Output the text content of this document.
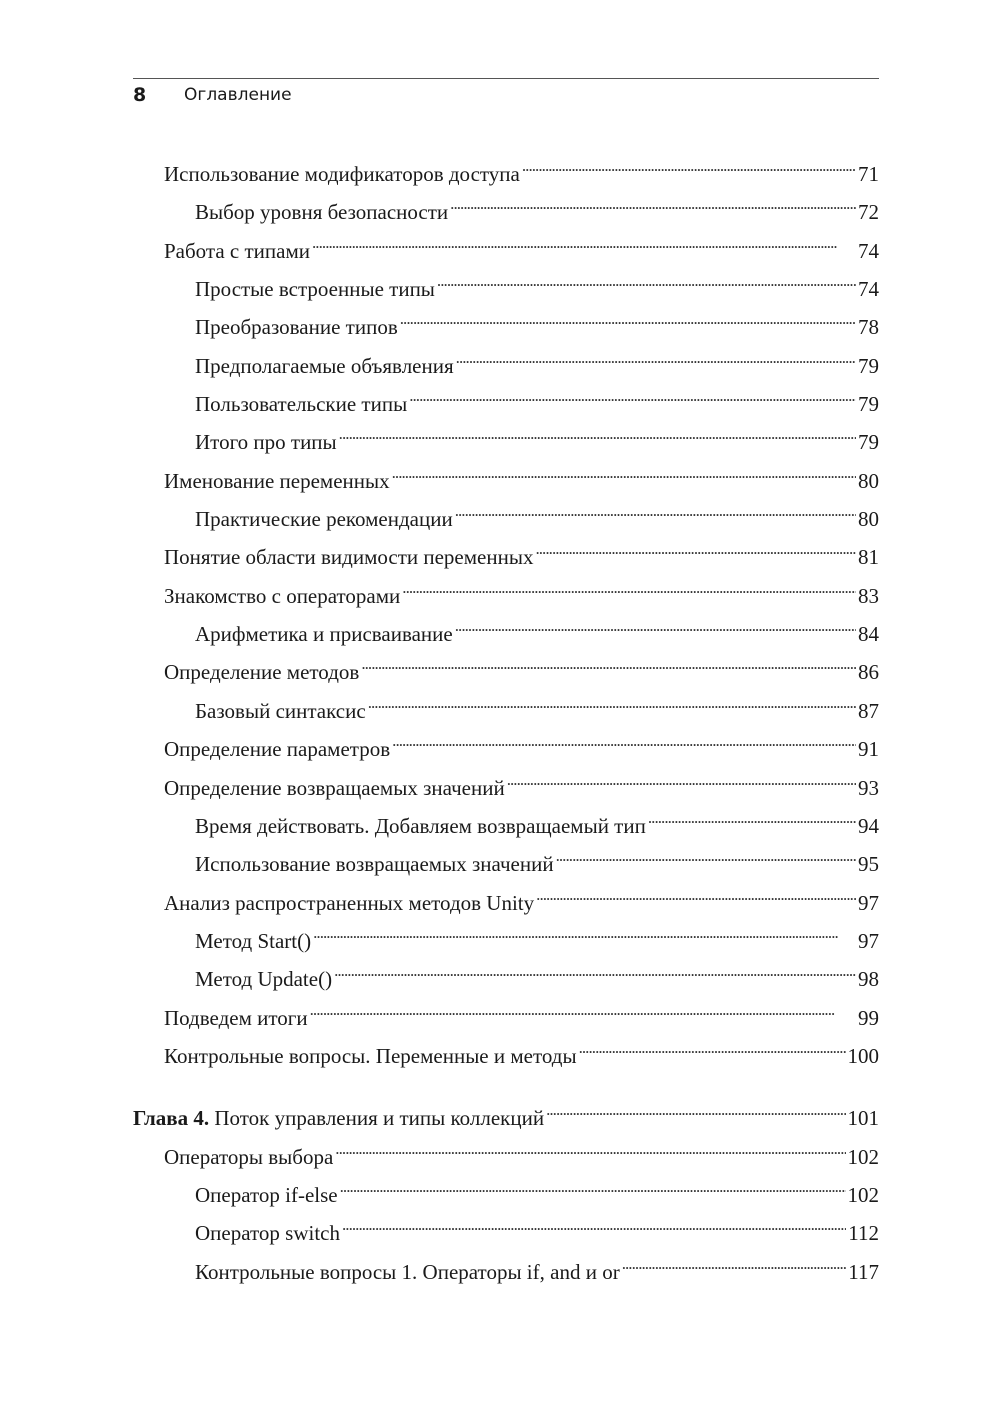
8 Оглавление
Использование модификаторов доступа . . .	71
Выбор уровня безопасности . . .	72
Работа с типами . . .	74
Простые встроенные типы . . .	74
Преобразование типов . . .	78
Предполагаемые объявления . . .	79
Пользовательские типы . . .	79
Итого про типы . . .	79
Именование переменных . . .	80
Практические рекомендации . . .	80
Понятие области видимости переменных . . .	81
Знакомство с операторами . . .	83
Арифметика и присваивание . . .	84
Определение методов . . .	86
Базовый синтаксис . . .	87
Определение параметров . . .	91
Определение возвращаемых значений . . .	93
Время действовать. Добавляем возвращаемый тип . . .	94
Использование возвращаемых значений . . .	95
Анализ распространенных методов Unity . . .	97
Метод Start() . . .	97
Метод Update() . . .	98
Подведем итоги . . .	99
Контрольные вопросы. Переменные и методы . . .	100
Глава 4. Поток управления и типы коллекций . . .	101
Операторы выбора . . .	102
Оператор if-else . . .	102
Оператор switch . . .	112
Контрольные вопросы 1. Операторы if, and и or . . .	117
